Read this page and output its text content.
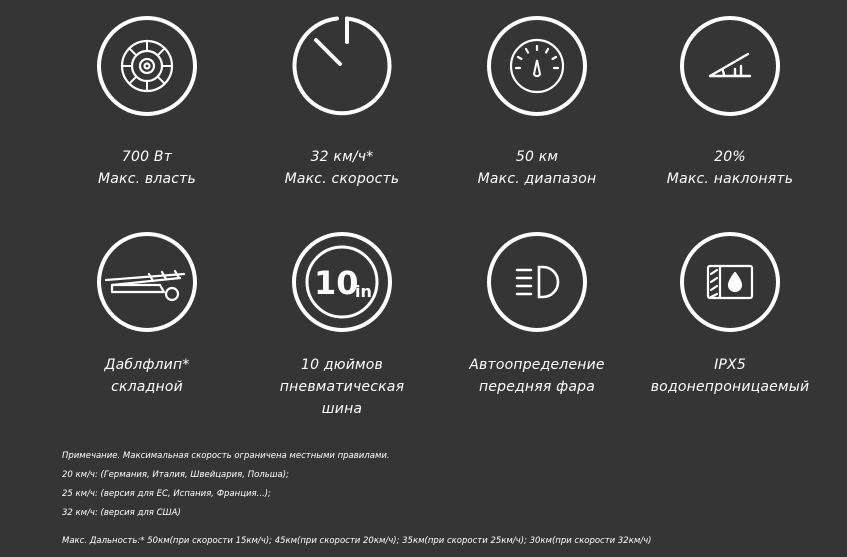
700 Вт
Макс. власть
32 км/ч*
Макс. скорость
50 км
Макс. диапазон
20%
Макс. наклонять
Даблфлип*
складной
10
in
10 дюймов
пневматическая
шина
Автоопределение
передняя фара
IPX5
водонепроницаемый
Примечание. Максимальная скорость ограничена местными правилами.
20 км/ч: (Германия, Италия, Швейцария, Польша);
25 км/ч: (версия для ЕС, Испания, Франция...);
32 км/ч: (версия для США)
Макс. Дальность:* 50км(при скорости 15км/ч); 45км(при скорости 20км/ч); 35км(при скорости 25км/ч); 30км(при скорости 32км/ч)
